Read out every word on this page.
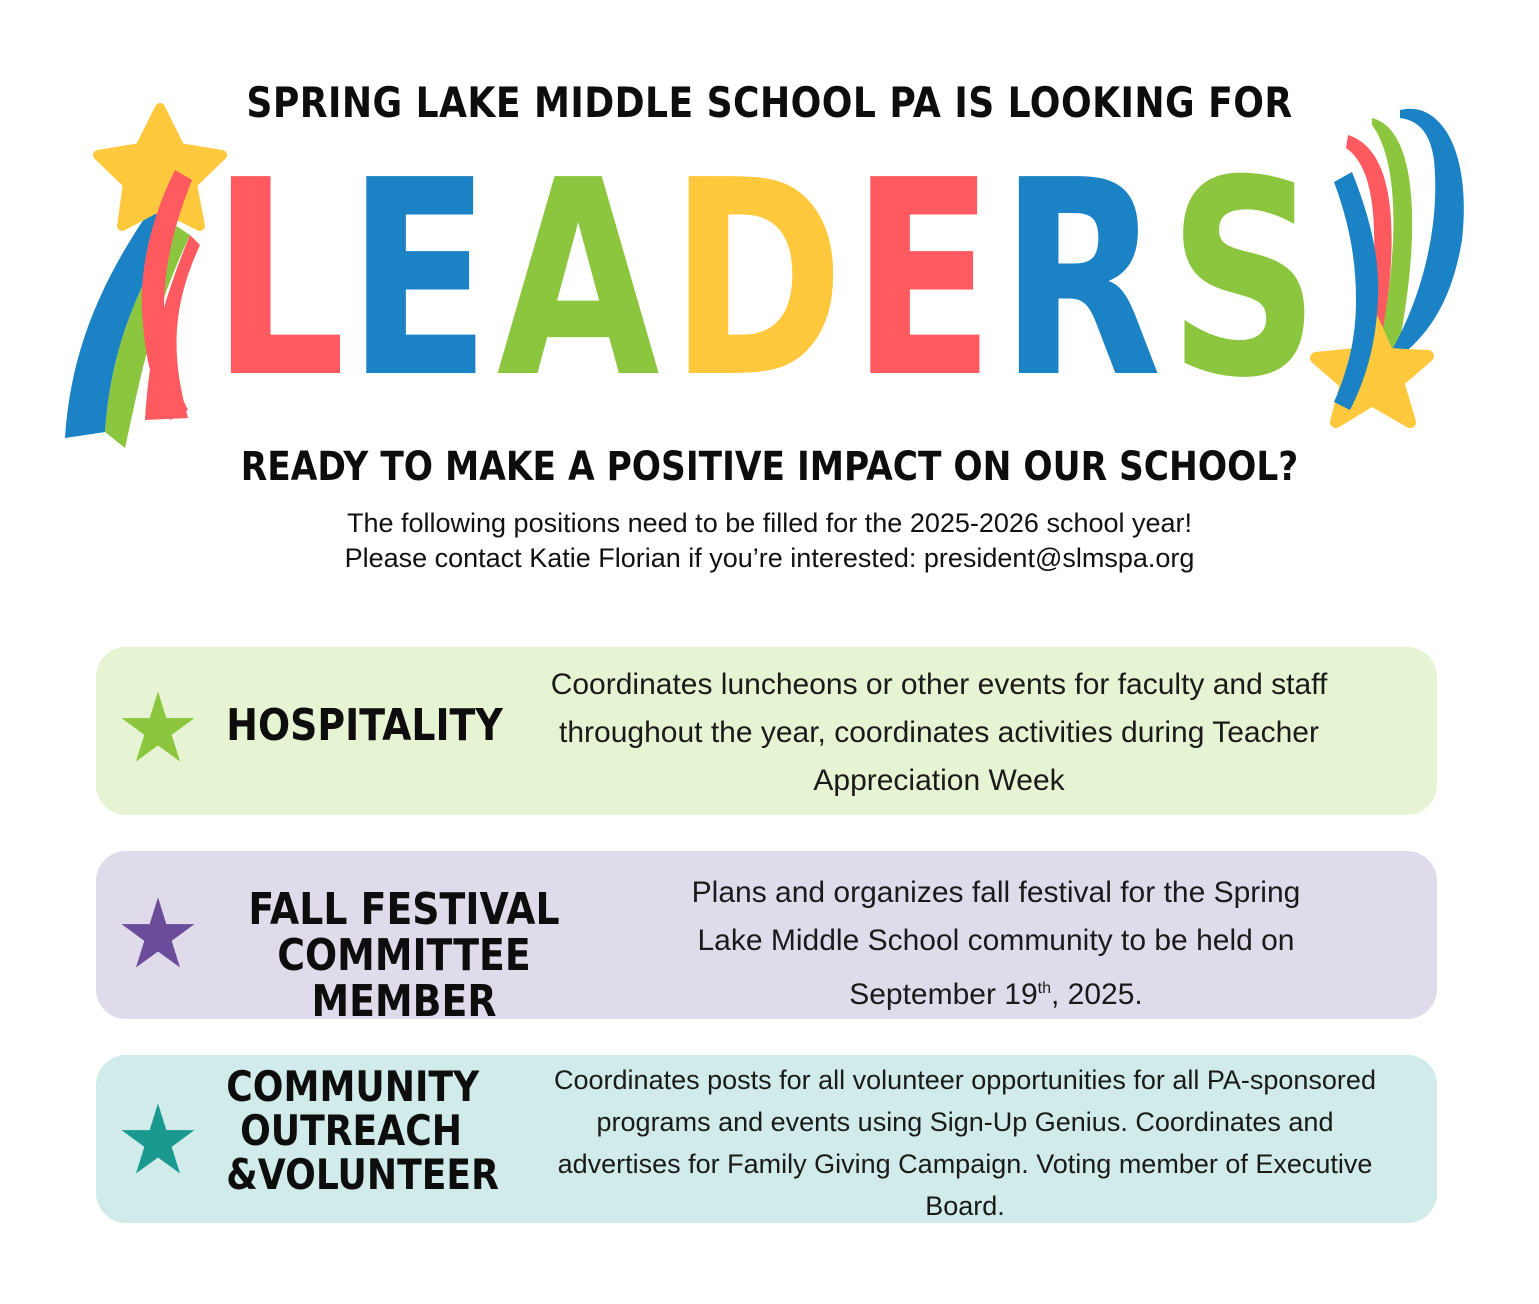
SPRING LAKE MIDDLE SCHOOL PA IS LOOKING FOR
LEADERS
READY TO MAKE A POSITIVE IMPACT ON OUR SCHOOL?
The following positions need to be filled for the 2025-2026 school year!
Please contact Katie Florian if you’re interested: president@slmspa.org
HOSPITALITY
Coordinates luncheons or other events for faculty and staff
throughout the year, coordinates activities during Teacher
Appreciation Week
FALL FESTIVAL
COMMITTEE MEMBER
Plans and organizes fall festival for the Spring
Lake Middle School community to be held on
September 19th, 2025.
COMMUNITY
OUTREACH
&VOLUNTEER
Coordinates posts for all volunteer opportunities for all PA-sponsored
programs and events using Sign-Up Genius. Coordinates and
advertises for Family Giving Campaign. Voting member of Executive
Board.
